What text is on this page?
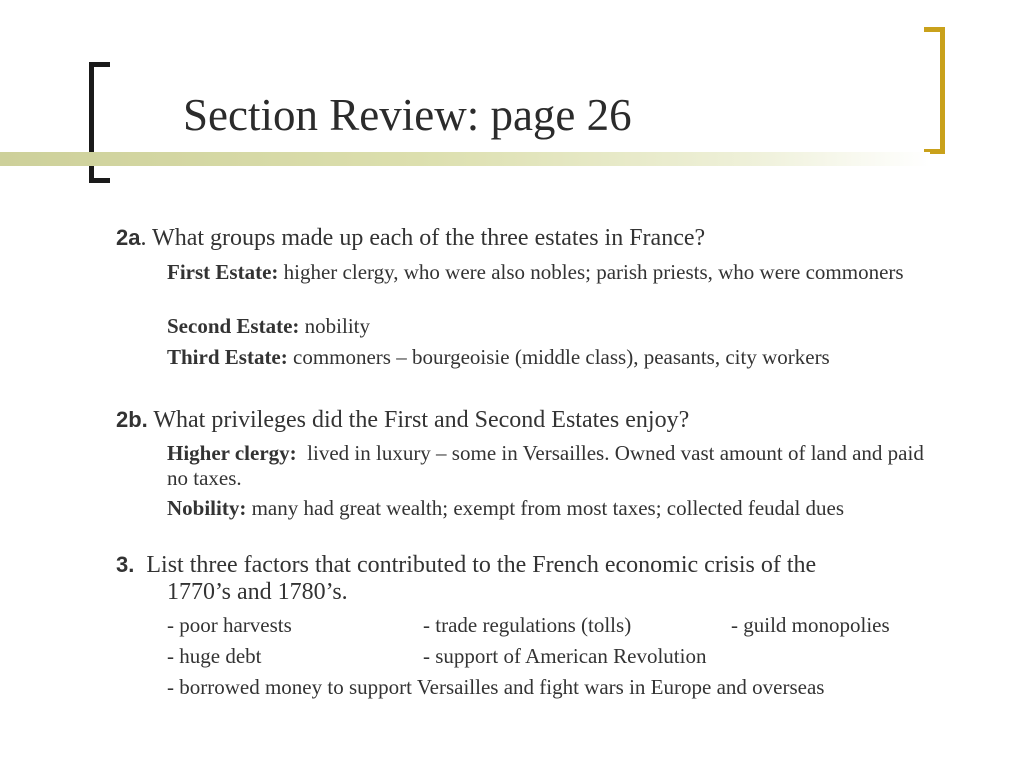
Section Review: page 26
2a. What groups made up each of the three estates in France?
First Estate: higher clergy, who were also nobles; parish priests, who were commoners
Second Estate: nobility
Third Estate: commoners – bourgeoisie (middle class), peasants, city workers
2b. What privileges did the First and Second Estates enjoy?
Higher clergy:  lived in luxury – some in Versailles. Owned vast amount of land and paid no taxes.
Nobility: many had great wealth; exempt from most taxes; collected feudal dues
3.  List three factors that contributed to the French economic crisis of the
1770’s and 1780’s.
- poor harvests	- trade regulations (tolls)	- guild monopolies
- huge debt	- support of American Revolution
- borrowed money to support Versailles and fight wars in Europe and overseas
